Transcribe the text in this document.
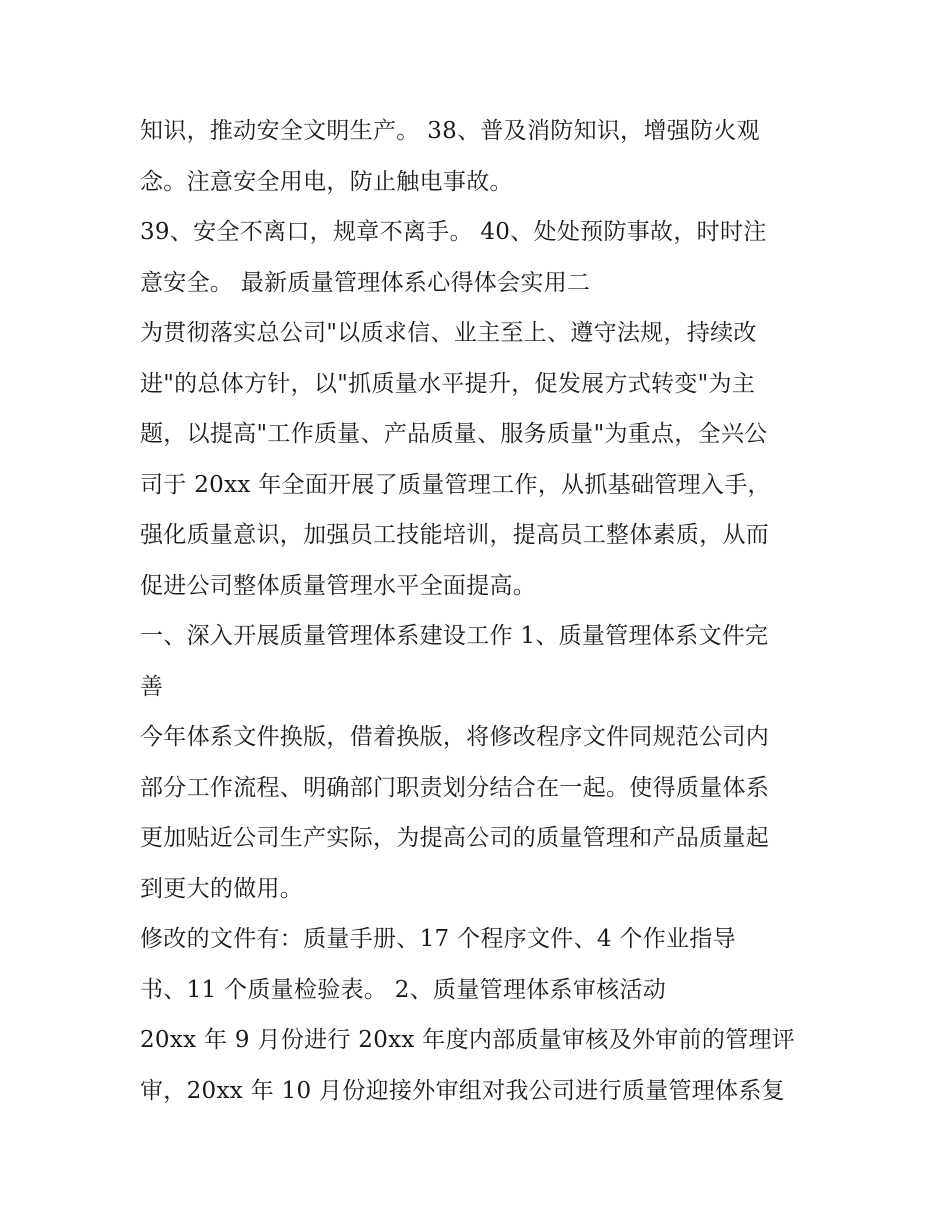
知识，推动安全文明生产。 38、普及消防知识，增强防火观
念。注意安全用电，防止触电事故。
39、安全不离口，规章不离手。 40、处处预防事故，时时注
意安全。 最新质量管理体系心得体会实用二
为贯彻落实总公司"以质求信、业主至上、遵守法规，持续改
进"的总体方针，以"抓质量水平提升，促发展方式转变"为主
题，以提高"工作质量、产品质量、服务质量"为重点，全兴公
司于 20xx 年全面开展了质量管理工作，从抓基础管理入手，
强化质量意识，加强员工技能培训，提高员工整体素质，从而
促进公司整体质量管理水平全面提高。
一、深入开展质量管理体系建设工作 1、质量管理体系文件完
善
今年体系文件换版，借着换版，将修改程序文件同规范公司内
部分工作流程、明确部门职责划分结合在一起。使得质量体系
更加贴近公司生产实际，为提高公司的质量管理和产品质量起
到更大的做用。
修改的文件有：质量手册、17 个程序文件、4 个作业指导
书、11 个质量检验表。 2、质量管理体系审核活动
20xx 年 9 月份进行 20xx 年度内部质量审核及外审前的管理评
审，20xx 年 10 月份迎接外审组对我公司进行质量管理体系复
